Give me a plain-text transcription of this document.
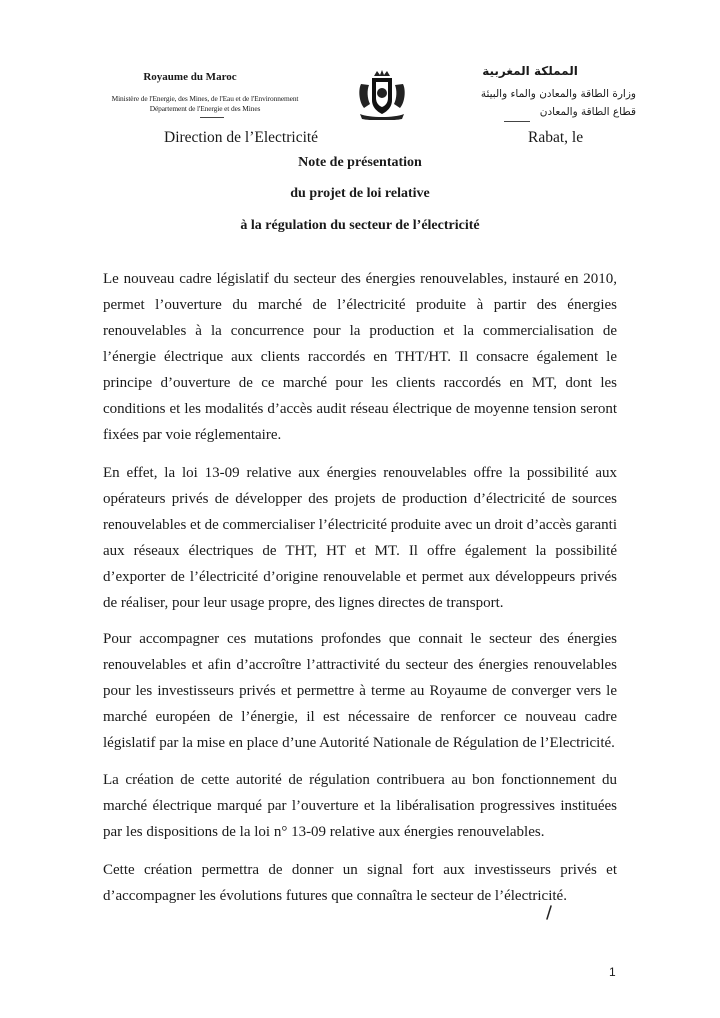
Royaume du Maroc
Ministère de l'Energie, des Mines, de l'Eau et de l'Environnement
Département de l'Energie et des Mines
Direction de l’Electricité
المملكة المغربية
وزارة الطاقة والمعادن والماء والبيئة
قطاع الطاقة والمعادن
Rabat, le
Note de présentation
du projet de loi relative
à la régulation du secteur de l’électricité

Le nouveau cadre législatif du secteur des énergies renouvelables, instauré en 2010, permet l’ouverture du marché de l’électricité produite à partir des énergies renouvelables à la concurrence pour la production et la commercialisation de l’énergie électrique aux clients raccordés en THT/HT. Il consacre également le principe d’ouverture de ce marché pour les clients raccordés en MT, dont les conditions et les modalités d’accès audit réseau électrique de moyenne tension seront fixées par voie réglementaire.

En effet, la loi 13-09 relative aux énergies renouvelables offre la possibilité aux opérateurs privés de développer des projets de production d’électricité de sources renouvelables et de commercialiser l’électricité produite avec un droit d’accès garanti aux réseaux électriques de THT, HT et MT. Il offre également la possibilité d’exporter de l’électricité d’origine renouvelable et permet aux développeurs privés de réaliser, pour leur usage propre, des lignes directes de transport.

Pour accompagner ces mutations profondes que connait le secteur des énergies renouvelables et afin d’accroître l’attractivité du secteur des énergies renouvelables pour les investisseurs privés et permettre à terme au Royaume de converger vers le marché européen de l’énergie, il est nécessaire de renforcer ce nouveau cadre législatif par la mise en place d’une Autorité Nationale de Régulation de l’Electricité.

La création de cette autorité de régulation contribuera au bon fonctionnement du marché électrique marqué par l’ouverture et la libéralisation progressives instituées par les dispositions de la loi n° 13-09 relative aux énergies renouvelables.

Cette création permettra de donner un signal fort aux investisseurs privés et d’accompagner les évolutions futures que connaîtra le secteur de l’électricité.

1
